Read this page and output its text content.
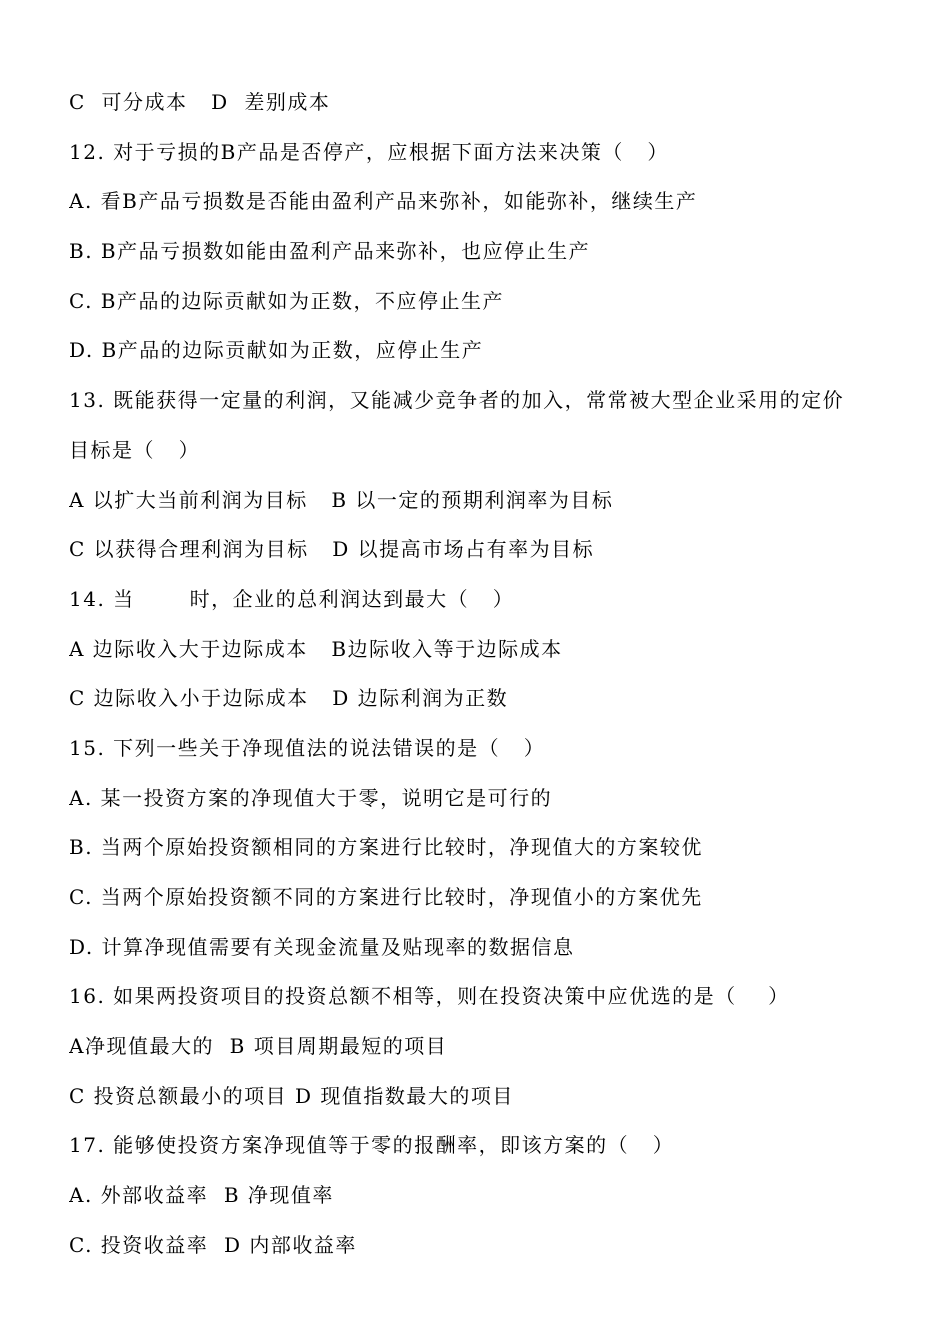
C  可分成本   D  差别成本
12. 对于亏损的B产品是否停产，应根据下面方法来决策（   ）
A. 看B产品亏损数是否能由盈利产品来弥补，如能弥补，继续生产
B. B产品亏损数如能由盈利产品来弥补，也应停止生产
C. B产品的边际贡献如为正数，不应停止生产
D. B产品的边际贡献如为正数，应停止生产
13. 既能获得一定量的利润，又能减少竞争者的加入，常常被大型企业采用的定价
目标是（   ）
A 以扩大当前利润为目标   B 以一定的预期利润率为目标
C 以获得合理利润为目标   D 以提高市场占有率为目标
14. 当       时，企业的总利润达到最大（   ）
A 边际收入大于边际成本   B边际收入等于边际成本
C 边际收入小于边际成本   D 边际利润为正数
15. 下列一些关于净现值法的说法错误的是（   ）
A. 某一投资方案的净现值大于零，说明它是可行的
B. 当两个原始投资额相同的方案进行比较时，净现值大的方案较优
C. 当两个原始投资额不同的方案进行比较时，净现值小的方案优先
D. 计算净现值需要有关现金流量及贴现率的数据信息
16. 如果两投资项目的投资总额不相等，则在投资决策中应优选的是（    ）
A净现值最大的  B 项目周期最短的项目
C 投资总额最小的项目 D 现值指数最大的项目
17. 能够使投资方案净现值等于零的报酬率，即该方案的（   ）
A. 外部收益率  B 净现值率
C. 投资收益率  D 内部收益率
